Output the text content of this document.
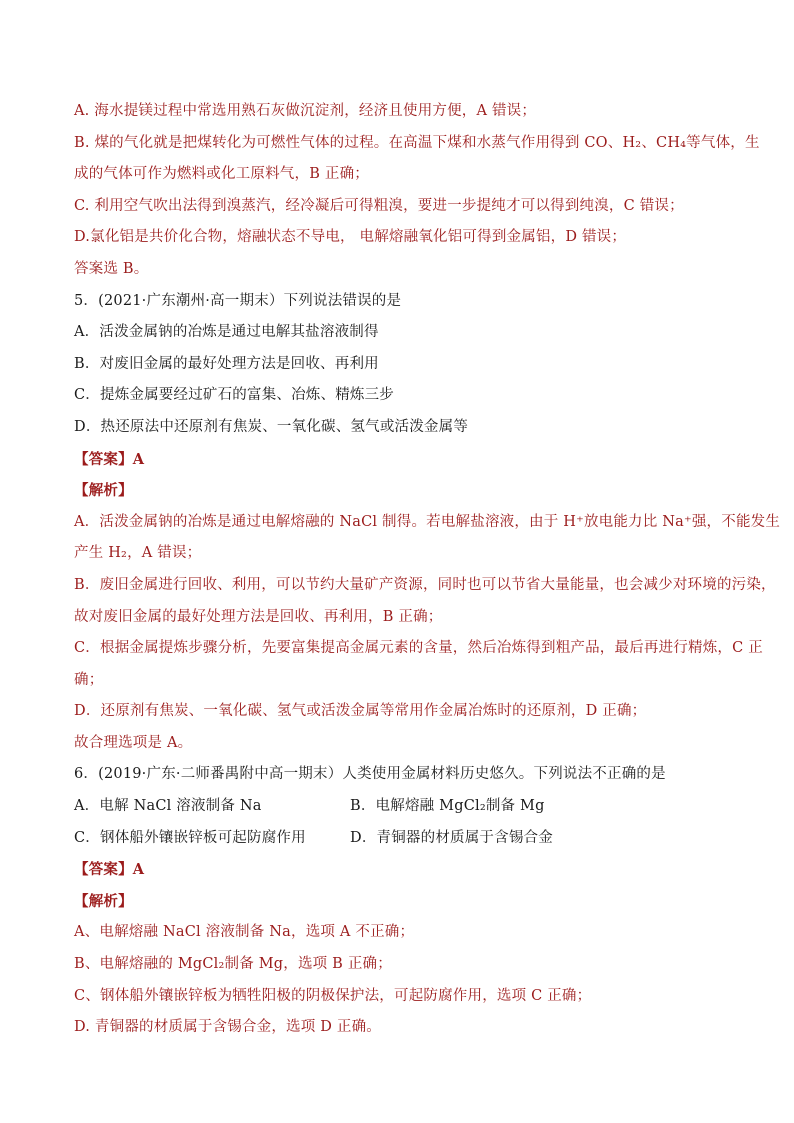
A. 海水提镁过程中常选用熟石灰做沉淀剂，经济且使用方便，A 错误；
B. 煤的气化就是把煤转化为可燃性气体的过程。在高温下煤和水蒸气作用得到 CO、H₂、CH₄等气体，生
成的气体可作为燃料或化工原料气，B 正确；
C. 利用空气吹出法得到溴蒸汽，经冷凝后可得粗溴，要进一步提纯才可以得到纯溴，C 错误；
D.氯化铝是共价化合物，熔融状态不导电， 电解熔融氧化铝可得到金属铝，D 错误；
答案选 B。
5．(2021·广东潮州·高一期末）下列说法错误的是
A．活泼金属钠的冶炼是通过电解其盐溶液制得
B．对废旧金属的最好处理方法是回收、再利用
C．提炼金属要经过矿石的富集、冶炼、精炼三步
D．热还原法中还原剂有焦炭、一氧化碳、氢气或活泼金属等
【答案】A
【解析】
A．活泼金属钠的冶炼是通过电解熔融的 NaCl 制得。若电解盐溶液，由于 H⁺放电能力比 Na⁺强，不能发生
产生 H₂，A 错误；
B．废旧金属进行回收、利用，可以节约大量矿产资源，同时也可以节省大量能量，也会减少对环境的污染，
故对废旧金属的最好处理方法是回收、再利用，B 正确；
C．根据金属提炼步骤分析，先要富集提高金属元素的含量，然后冶炼得到粗产品，最后再进行精炼，C 正
确；
D．还原剂有焦炭、一氧化碳、氢气或活泼金属等常用作金属冶炼时的还原剂，D 正确；
故合理选项是 A。
6．(2019·广东·二师番禺附中高一期末）人类使用金属材料历史悠久。下列说法不正确的是
A．电解 NaCl 溶液制备 Na	B．电解熔融 MgCl₂制备 Mg
C．钢体船外镶嵌锌板可起防腐作用	D．青铜器的材质属于含锡合金
【答案】A
【解析】
A、电解熔融 NaCl 溶液制备 Na，选项 A 不正确；
B、电解熔融的 MgCl₂制备 Mg，选项 B 正确；
C、钢体船外镶嵌锌板为牺牲阳极的阴极保护法，可起防腐作用，选项 C 正确；
D. 青铜器的材质属于含锡合金，选项 D 正确。
